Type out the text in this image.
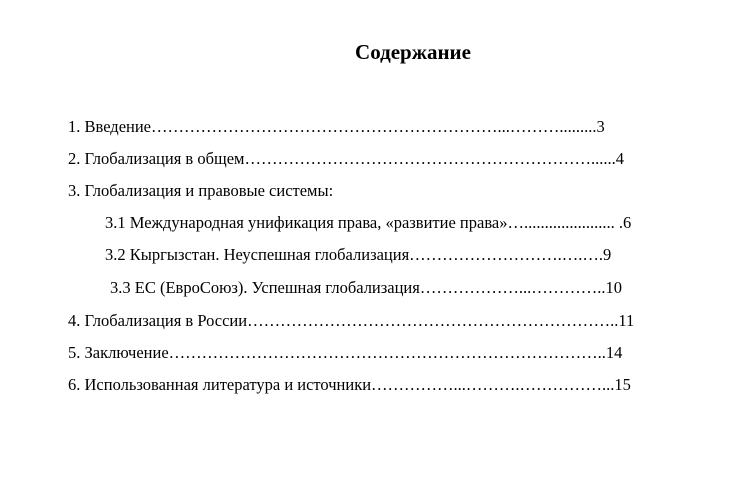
Содержание
1. Введение………………………………………………………...……….........3
2. Глобализация в общем………………………………………………………......4
3. Глобализация и правовые системы:
3.1 Международная унификация права, «развитие права»…...................... .6
3.2 Кыргызстан. Неуспешная глобализация……………………….….….9
3.3 ЕС (ЕвроСоюз). Успешная глобализация………………...…………..10
4. Глобализация в России…………………………………………………………..11
5. Заключение……………………………………………………………………..14
6. Использованная литература и источники……………...……….……………...15
